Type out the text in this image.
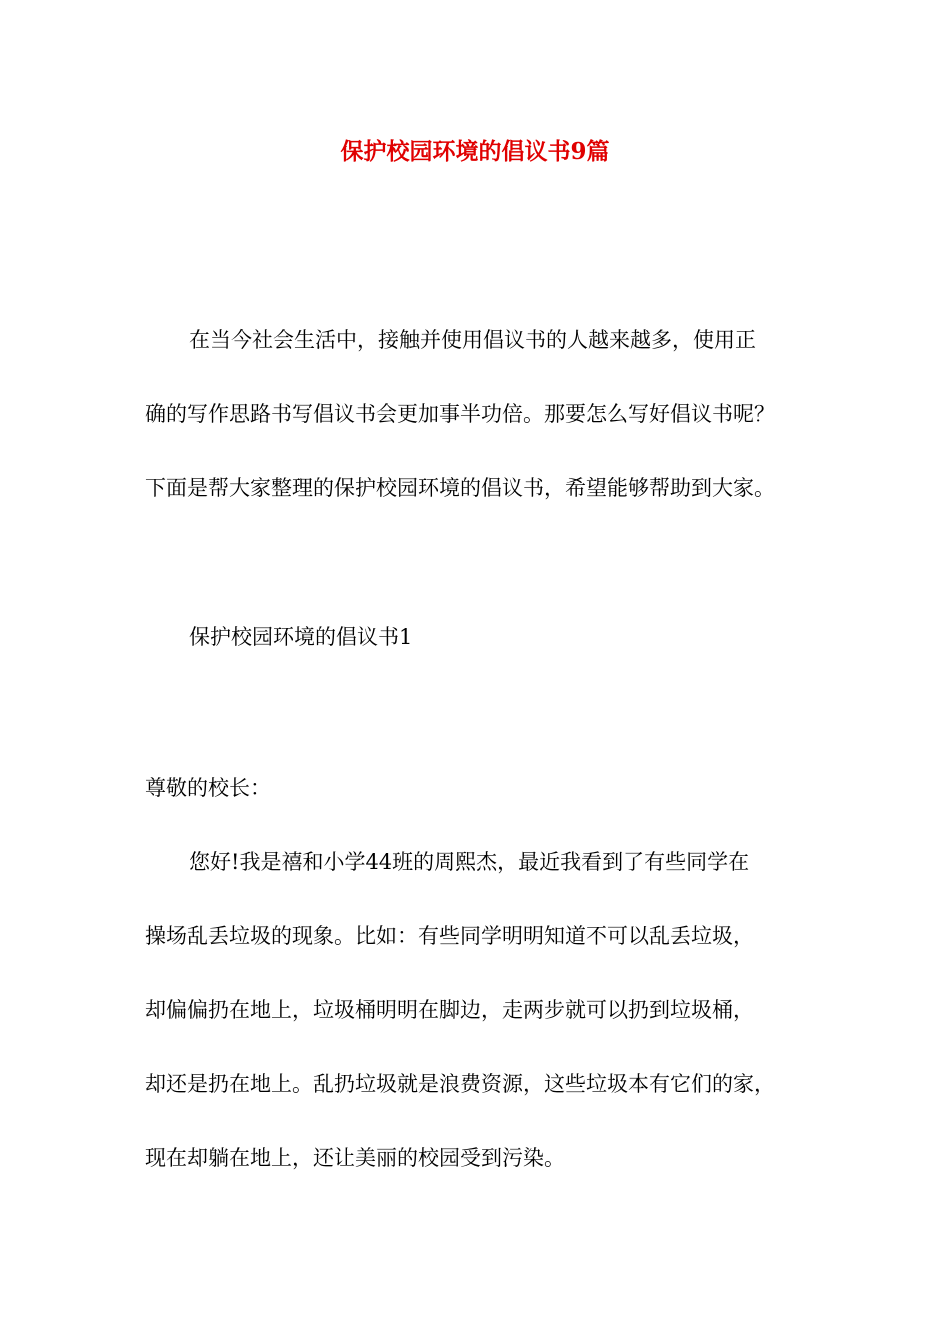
保护校园环境的倡议书9篇
在当今社会生活中，接触并使用倡议书的人越来越多，使用正
确的写作思路书写倡议书会更加事半功倍。那要怎么写好倡议书呢？
下面是帮大家整理的保护校园环境的倡议书，希望能够帮助到大家。
保护校园环境的倡议书1
尊敬的校长：
您好!我是禧和小学44班的周熙杰，最近我看到了有些同学在
操场乱丢垃圾的现象。比如：有些同学明明知道不可以乱丢垃圾，
却偏偏扔在地上，垃圾桶明明在脚边，走两步就可以扔到垃圾桶，
却还是扔在地上。乱扔垃圾就是浪费资源，这些垃圾本有它们的家，
现在却躺在地上，还让美丽的校园受到污染。
